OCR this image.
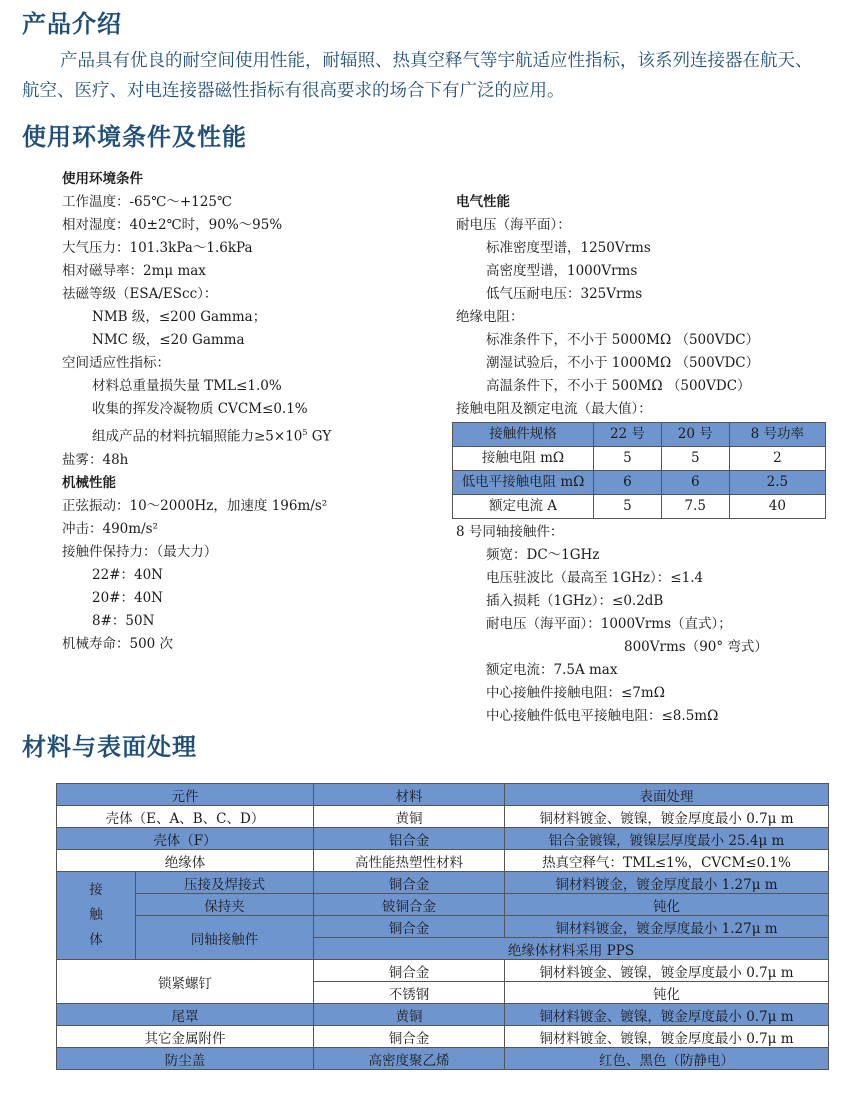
产品介绍

产品具有优良的耐空间使用性能，耐辐照、热真空释气等宇航适应性指标，该系列连接器在航天、航空、医疗、对电连接器磁性指标有很高要求的场合下有广泛的应用。

使用环境条件及性能
使用环境条件
工作温度：-65℃～+125℃
相对湿度：40±2℃时，90%～95%
大气压力：101.3kPa～1.6kPa
相对磁导率：2mμ max
祛磁等级（ESA/EScc）：
NMB 级，≤200 Gamma；
NMC 级，≤20 Gamma
空间适应性指标：
材料总重量损失量 TML≤1.0%
收集的挥发冷凝物质 CVCM≤0.1%
组成产品的材料抗辐照能力$\ge 5\times 10^5$ GY
盐雾：48h
机械性能
正弦振动：10～2000Hz，加速度 196m/s²
冲击：490m/s²
接触件保持力：（最大力）
22#：40N
20#：40N
8#：50N
机械寿命：500 次
电气性能
耐电压（海平面）：
标准密度型谱，1250Vrms
高密度型谱，1000Vrms
低气压耐电压：325Vrms
绝缘电阻：
标准条件下，不小于 5000MΩ （500VDC）
潮湿试验后，不小于 1000MΩ （500VDC）
高温条件下，不小于 500MΩ （500VDC）
接触电阻及额定电流（最大值）：
接触件规格	22 号	20 号	8 号功率
接触电阻 mΩ	5	5	2
低电平接触电阻 mΩ	6	6	2.5
额定电流 A	5	7.5	40
8 号同轴接触件：
频宽：DC～1GHz
电压驻波比（最高至 1GHz）：≤1.4
插入损耗（1GHz）：≤0.2dB
耐电压（海平面）：1000Vrms（直式）；
800Vrms（90° 弯式）
额定电流：7.5A max
中心接触件接触电阻：≤7mΩ
中心接触件低电平接触电阻：≤8.5mΩ
材料与表面处理
元件		材料	表面处理
壳体（E、A、B、C、D）		黄铜	铜材料镀金、镀镍，镀金厚度最小 0.7μ m
壳体（F）		铝合金	铝合金镀镍，镀镍层厚度最小 25.4μ m
绝缘体		高性能热塑性材料	热真空释气：TML≤1%，CVCM≤0.1%
接
触
体	压接及焊接式	铜合金	铜材料镀金，镀金厚度最小 1.27μ m
	保持夹	铍铜合金	钝化
	同轴接触件	铜合金	铜材料镀金，镀金厚度最小 1.27μ m
		绝缘体材料采用 PPS	
锁紧螺钉		铜合金	铜材料镀金、镀镍，镀金厚度最小 0.7μ m
		不锈钢	钝化
尾罩		黄铜	铜材料镀金、镀镍，镀金厚度最小 0.7μ m
其它金属附件		铜合金	铜材料镀金、镀镍，镀金厚度最小 0.7μ m
防尘盖		高密度聚乙烯	红色、黑色（防静电）
